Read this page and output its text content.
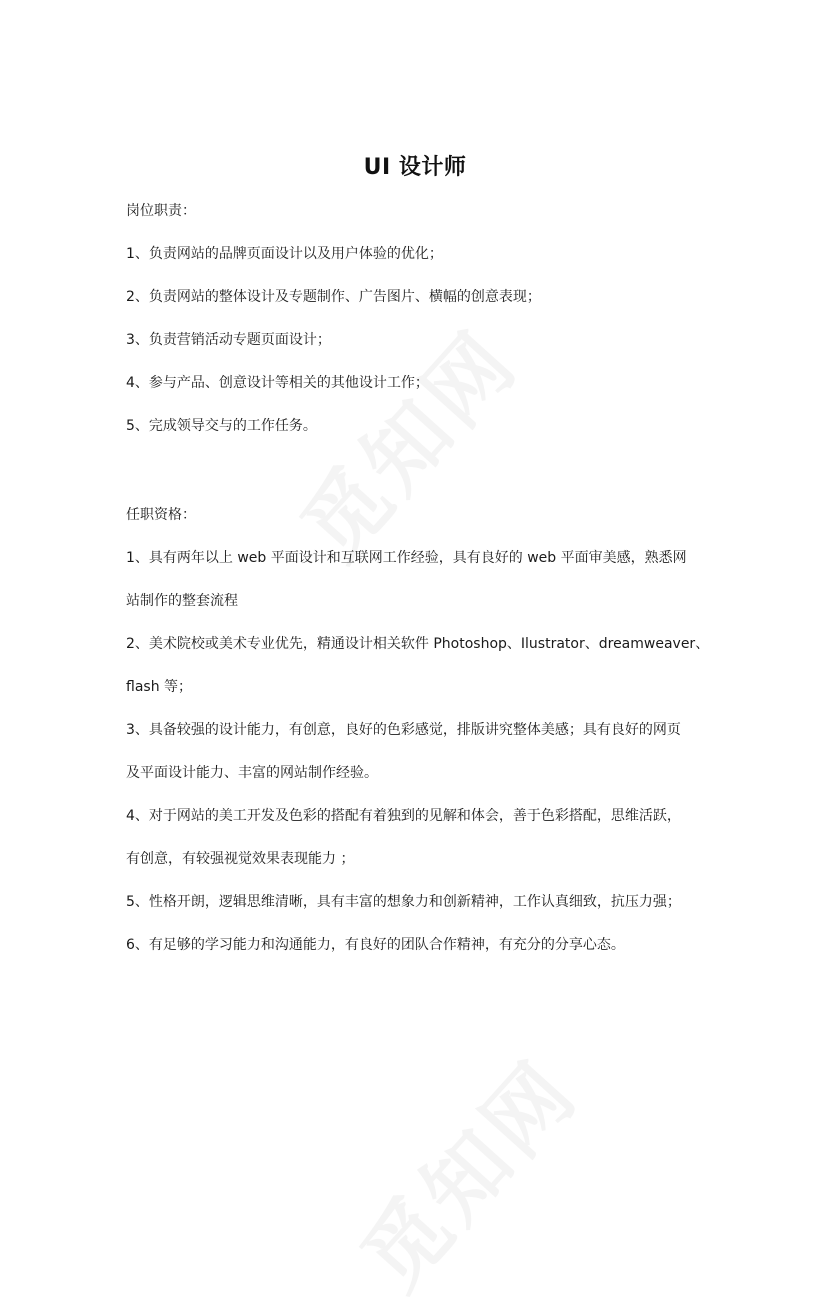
UI 设计师
岗位职责：
1、负责网站的品牌页面设计以及用户体验的优化；
2、负责网站的整体设计及专题制作、广告图片、横幅的创意表现；
3、负责营销活动专题页面设计；
4、参与产品、创意设计等相关的其他设计工作；
5、完成领导交与的工作任务。
任职资格：
1、具有两年以上 web 平面设计和互联网工作经验，具有良好的 web 平面审美感，熟悉网
站制作的整套流程
2、美术院校或美术专业优先，精通设计相关软件 Photoshop、Ilustrator、dreamweaver、
flash 等；
3、具备较强的设计能力，有创意，良好的色彩感觉，排版讲究整体美感；具有良好的网页
及平面设计能力、丰富的网站制作经验。
4、对于网站的美工开发及色彩的搭配有着独到的见解和体会，善于色彩搭配，思维活跃，
有创意，有较强视觉效果表现能力 ；
5、性格开朗，逻辑思维清晰，具有丰富的想象力和创新精神，工作认真细致，抗压力强；
6、有足够的学习能力和沟通能力，有良好的团队合作精神，有充分的分享心态。
